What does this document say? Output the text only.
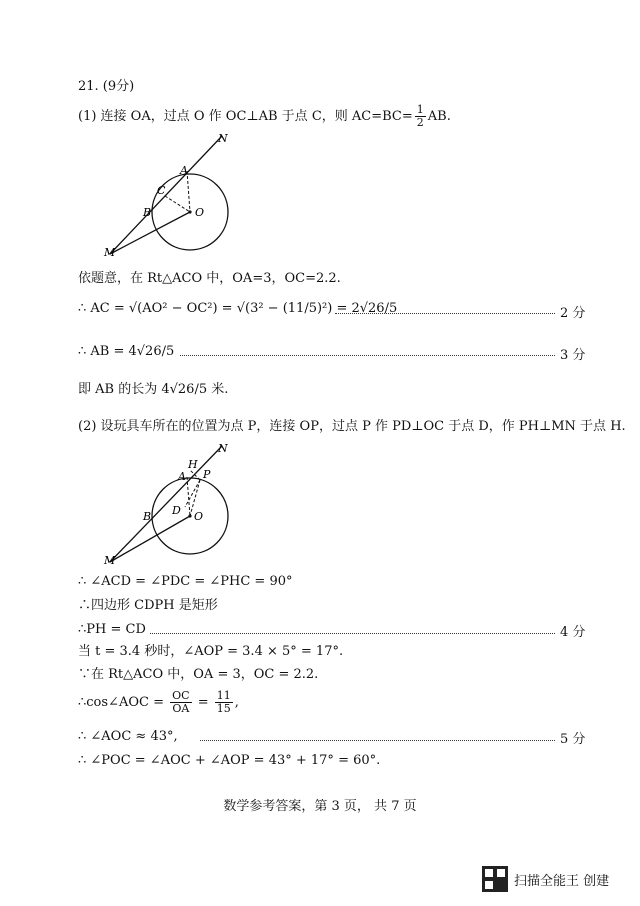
21. (9分)
(1) 连接 OA，过点 O 作 OC⊥AB 于点 C，则 $AC=BC= \frac{1}{2}$ AB.
N
A
C
B	O
M
依题意，在 Rt△ACO 中，OA=3，OC=2.2.
∴ AC = √(AO² − OC²) = √(3² − (11/5)²) = 2√26/5	2 分
∴ AB = 4√26/5	3 分
即 AB 的长为 4√26/5 米.
(2) 设玩具车所在的位置为点 P，连接 OP，过点 P 作 PD⊥OC 于点 D，作 PH⊥MN 于点 H.
N
H
A P
D
B	O
M
∴ ∠ACD = ∠PDC = ∠PHC = 90°
∴四边形 CDPH 是矩形
∴PH = CD	4 分
当 t = 3.4 秒时，∠AOP = 3.4 × 5° = 17°.
∵在 Rt△ACO 中，OA = 3，OC = 2.2.
∴cos∠AOC = $\frac{OC}{OA} = \frac{11}{15}$ ,
∴ ∠AOC ≈ 43°,	5 分
∴ ∠POC = ∠AOC + ∠AOP = 43° + 17° = 60°.
数学参考答案，第 3 页， 共 7 页
扫描全能王 创建
